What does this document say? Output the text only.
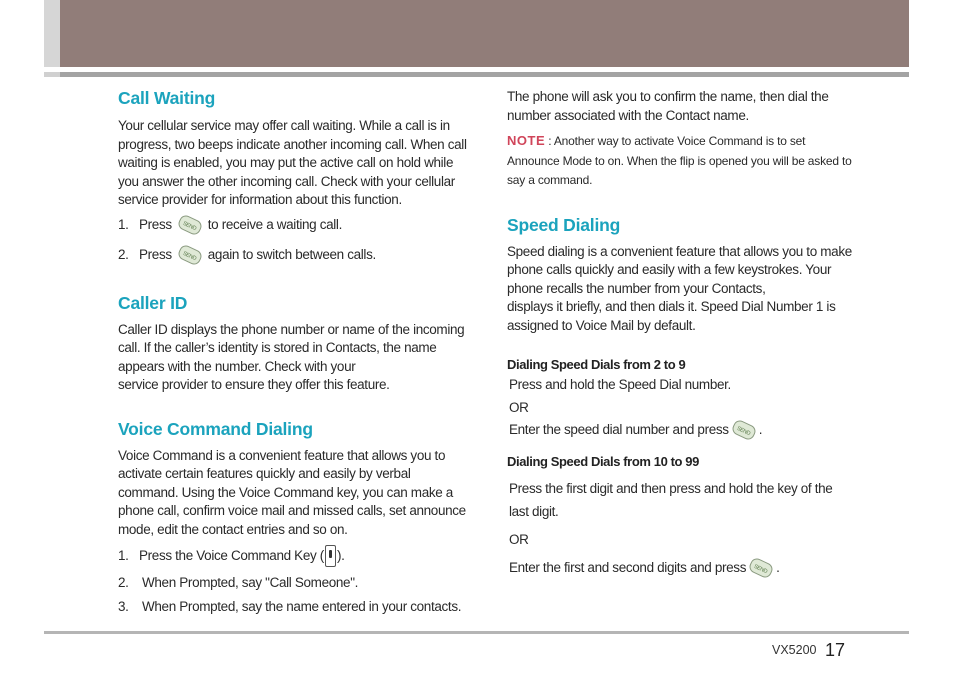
Call Waiting

Your cellular service may offer call waiting. While a call is in progress, two beeps indicate another incoming call. When call waiting is enabled, you may put the active call on hold while you answer the other incoming call. Check with your cellular service provider for information about this function.

1. Press SEND to receive a waiting call.
2. Press SEND again to switch between calls.
Caller ID

Caller ID displays the phone number or name of the incoming call. If the caller’s identity is stored in Contacts, the name appears with the number. Check with your

service provider to ensure they offer this feature.

Voice Command Dialing

Voice Command is a convenient feature that allows you to activate certain features quickly and easily by verbal command. Using the Voice Command key, you can make a phone call, confirm voice mail and missed calls, set announce mode, edit the contact entries and so on.

1. Press the Voice Command Key ( ).
2. When Prompted, say "Call Someone".
3. When Prompted, say the name entered in your contacts.

The phone will ask you to confirm the name, then dial the number associated with the Contact name.

NOTE : Another way to activate Voice Command is to set Announce Mode to on. When the flip is opened you will be asked to say a command.
Speed Dialing

Speed dialing is a convenient feature that allows you to make phone calls quickly and easily with a few keystrokes. Your phone recalls the number from your Contacts,

displays it briefly, and then dials it. Speed Dial Number 1 is assigned to Voice Mail by default.

Dialing Speed Dials from 2 to 9

Press and hold the Speed Dial number.

OR

Enter the speed dial number and press SEND .
Dialing Speed Dials from 10 to 99

Press the first digit and then press and hold the key of the last digit.

OR

Enter the first and second digits and press SEND .
VX5200 17
